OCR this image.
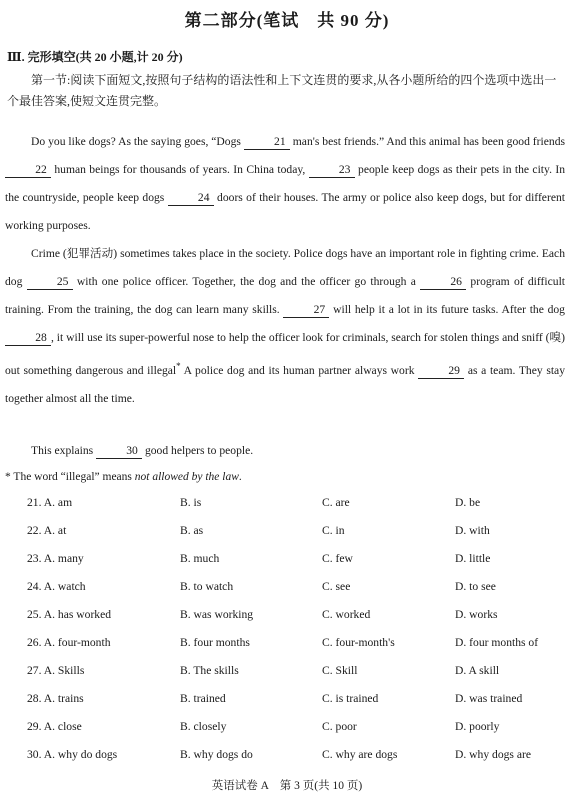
第二部分(笔试　共 90 分)
Ⅲ. 完形填空(共 20 小题,计 20 分)
第一节:阅读下面短文,按照句子结构的语法性和上下文连贯的要求,从各小题所给的四个选项中选出一个最佳答案,使短文连贯完整。
Do you like dogs? As the saying goes, “Dogs	21 man's best friends.” And this animal has been good friends 22 human beings for thousands of years. In China today,	23 people keep dogs as their pets in the city. In the countryside, people keep dogs	24 doors of their houses. The army or police also keep dogs, but for different working purposes.
Crime (犯罪活动) sometimes takes place in the society. Police dogs have an important role in fighting crime. Each dog	25 with one police officer. Together, the dog and the officer go through a	26 program of difficult training. From the training, the dog can learn many skills.	27 will help it a lot in its future tasks. After the dog 28 , it will use its super-powerful nose to help the officer look for criminals, search for stolen things and sniff (嗅) out something dangerous and illegal* A police dog and its human partner always work	29 as a team. They stay together almost all the time.
This explains	30 good helpers to people.
* The word “illegal” means not allowed by the law.
21. A. am	B. is	C. are	D. be
22. A. at	B. as	C. in	D. with
23. A. many	B. much	C. few	D. little
24. A. watch	B. to watch	C. see	D. to see
25. A. has worked	B. was working	C. worked	D. works
26. A. four-month	B. four months	C. four-month's	D. four months of
27. A. Skills	B. The skills	C. Skill	D. A skill
28. A. trains	B. trained	C. is trained	D. was trained
29. A. close	B. closely	C. poor	D. poorly
30. A. why do dogs	B. why dogs do	C. why are dogs	D. why dogs are
英语试卷 A　第 3 页(共 10 页)
